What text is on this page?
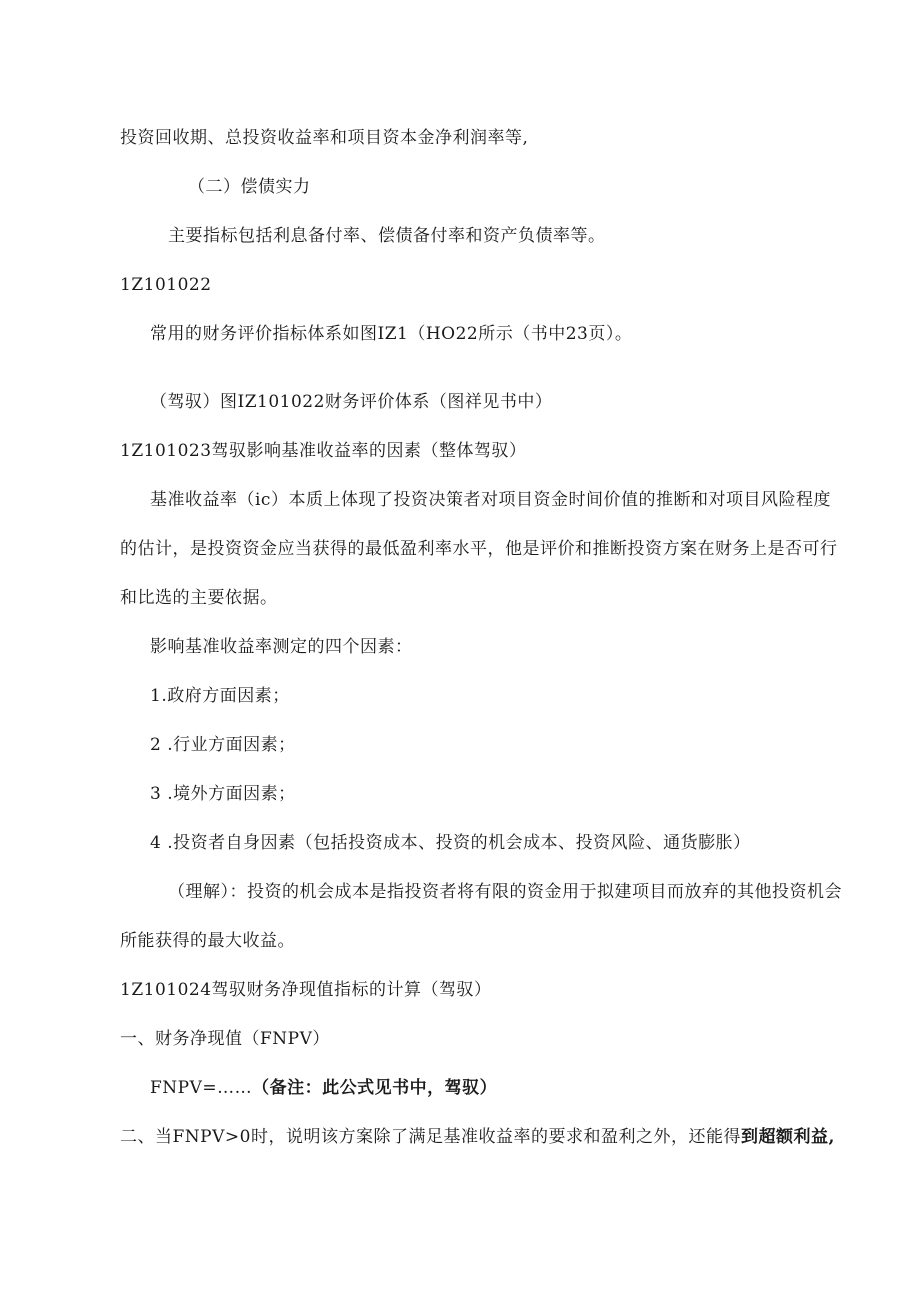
投资回收期、总投资收益率和项目资本金净利润率等,
（二）偿债实力
主要指标包括利息备付率、偿债备付率和资产负债率等。
1Z101022
常用的财务评价指标体系如图IZ1（HO22所示（书中23页）。
（驾驭）图IZ101022财务评价体系（图祥见书中）
1Z101023驾驭影响基准收益率的因素（整体驾驭）
基准收益率（ic）本质上体现了投资决策者对项目资金时间价值的推断和对项目风险程度
的估计，是投资资金应当获得的最低盈利率水平，他是评价和推断投资方案在财务上是否可行
和比选的主要依据。
影响基准收益率测定的四个因素：
1.政府方面因素；
2 .行业方面因素；
3 .境外方面因素；
4 .投资者自身因素（包括投资成本、投资的机会成本、投资风险、通货膨胀）
（理解）：投资的机会成本是指投资者将有限的资金用于拟建项目而放弃的其他投资机会
所能获得的最大收益。
1Z101024驾驭财务净现值指标的计算（驾驭）
一、财务净现值（FNPV）
FNPV=……（备注：此公式见书中，驾驭）
二、当FNPV>0时，说明该方案除了满足基准收益率的要求和盈利之外，还能得到超额利益,
